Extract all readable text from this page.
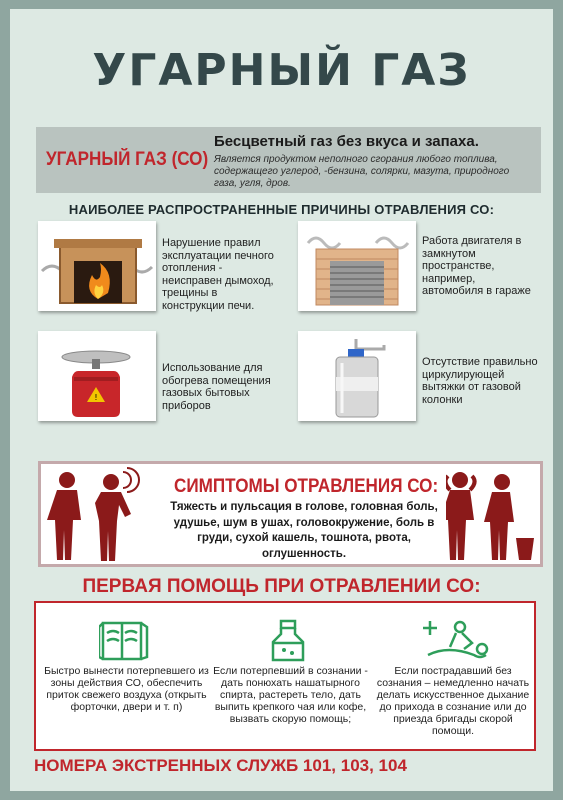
УГАРНЫЙ ГАЗ
УГАРНЫЙ ГАЗ (СО)
Бесцветный газ без вкуса и запаха.
Является продуктом неполного сгорания любого топлива, содержащего углерод, -бензина, солярки, мазута, природного газа, угля, дров.
НАИБОЛЕЕ РАСПРОСТРАНЕННЫЕ ПРИЧИНЫ ОТРАВЛЕНИЯ СО:
Нарушение правил эксплуатации печного отопления - неисправен дымоход, трещины в конструкции печи.
Работа двигателя в замкнутом пространстве, например, автомобиля в гараже
!
Использование для обогрева помещения газовых бытовых приборов
Отсутствие правильно циркулирующей вытяжки от газовой колонки
СИМПТОМЫ ОТРАВЛЕНИЯ СО:
Тяжесть и пульсация в голове, головная боль, удушье, шум в ушах, головокружение, боль в груди, сухой кашель, тошнота, рвота, оглушенность.
ПЕРВАЯ ПОМОЩЬ ПРИ ОТРАВЛЕНИИ СО:
Быстро вынести потерпевшего из зоны действия СО, обеспечить приток свежего воздуха (открыть форточки, двери и т. п)
Если потерпевший в сознании - дать понюхать нашатырного спирта, растереть тело, дать выпить крепкого чая или кофе, вызвать скорую помощь;
Если пострадавший без сознания – немедленно начать делать искусственное дыхание до прихода в сознание или до приезда бригады скорой помощи.
НОМЕРА ЭКСТРЕННЫХ СЛУЖБ 101, 103, 104
